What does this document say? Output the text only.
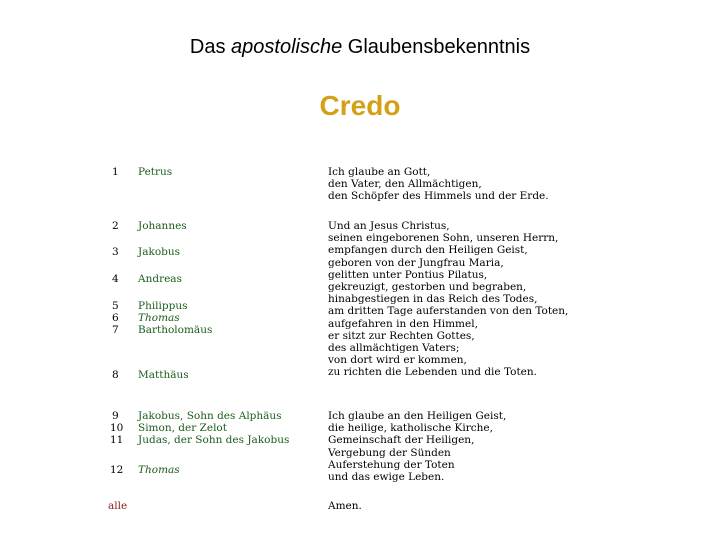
Das apostolische Glaubensbekenntnis
Credo
1
2
3
4
5
6
7
8
9
10
11
12
alle
Petrus
Johannes
Jakobus
Andreas
Philippus
Thomas
Bartholomäus
Matthäus
Jakobus, Sohn des Alphäus
Simon, der Zelot
Judas, der Sohn des Jakobus
Thomas
Ich glaube an Gott,
den Vater, den Allmächtigen,
den Schöpfer des Himmels und der Erde.
Und an Jesus Christus,
seinen eingeborenen Sohn, unseren Herrn,
empfangen durch den Heiligen Geist,
geboren von der Jungfrau Maria,
gelitten unter Pontius Pilatus,
gekreuzigt, gestorben und begraben,
hinabgestiegen in das Reich des Todes,
am dritten Tage auferstanden von den Toten,
aufgefahren in den Himmel,
er sitzt zur Rechten Gottes,
des allmächtigen Vaters;
von dort wird er kommen,
zu richten die Lebenden und die Toten.
Ich glaube an den Heiligen Geist,
die heilige, katholische Kirche,
Gemeinschaft der Heiligen,
Vergebung der Sünden
Auferstehung der Toten
und das ewige Leben.
Amen.
